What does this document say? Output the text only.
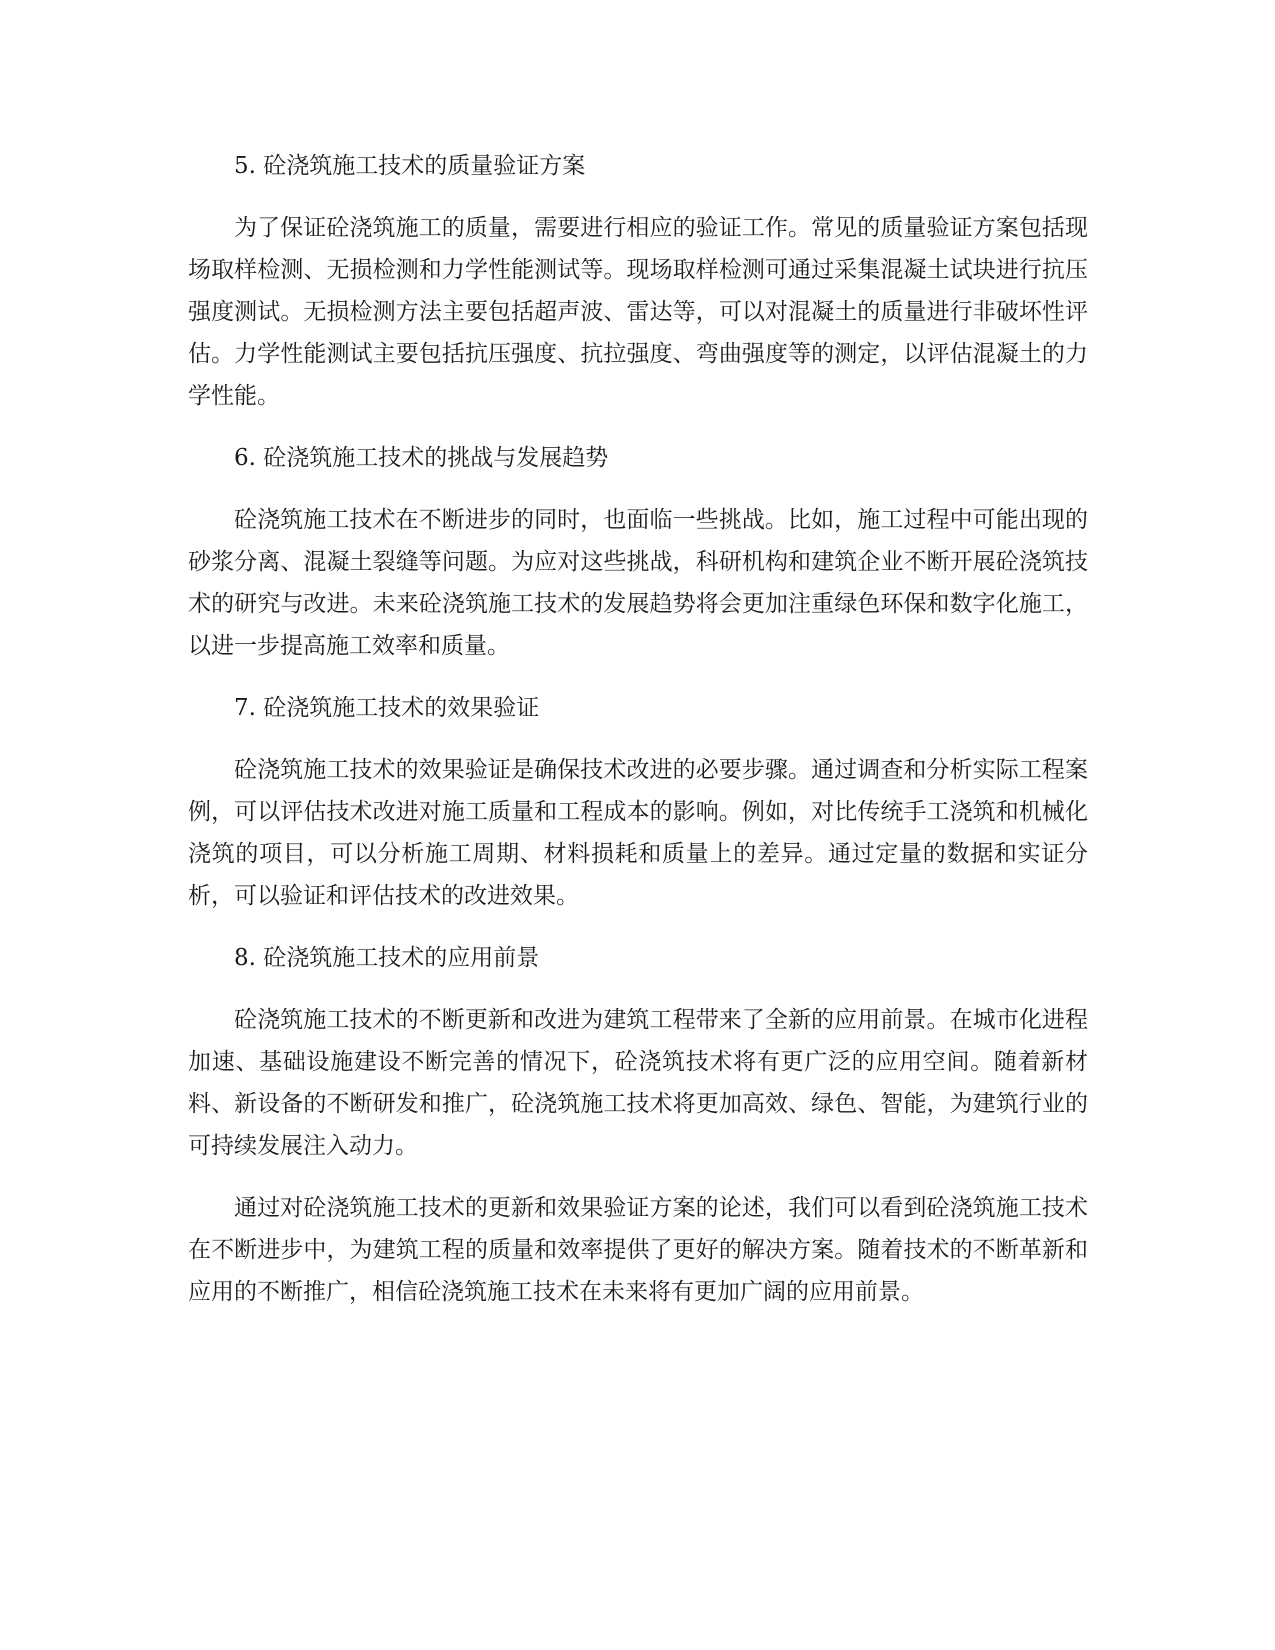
5. 砼浇筑施工技术的质量验证方案

为了保证砼浇筑施工的质量，需要进行相应的验证工作。常见的质量验证方案包括现场取样检测、无损检测和力学性能测试等。现场取样检测可通过采集混凝土试块进行抗压强度测试。无损检测方法主要包括超声波、雷达等，可以对混凝土的质量进行非破坏性评估。力学性能测试主要包括抗压强度、抗拉强度、弯曲强度等的测定，以评估混凝土的力学性能。

6. 砼浇筑施工技术的挑战与发展趋势

砼浇筑施工技术在不断进步的同时，也面临一些挑战。比如，施工过程中可能出现的砂浆分离、混凝土裂缝等问题。为应对这些挑战，科研机构和建筑企业不断开展砼浇筑技术的研究与改进。未来砼浇筑施工技术的发展趋势将会更加注重绿色环保和数字化施工，以进一步提高施工效率和质量。

7. 砼浇筑施工技术的效果验证

砼浇筑施工技术的效果验证是确保技术改进的必要步骤。通过调查和分析实际工程案例，可以评估技术改进对施工质量和工程成本的影响。例如，对比传统手工浇筑和机械化浇筑的项目，可以分析施工周期、材料损耗和质量上的差异。通过定量的数据和实证分析，可以验证和评估技术的改进效果。

8. 砼浇筑施工技术的应用前景

砼浇筑施工技术的不断更新和改进为建筑工程带来了全新的应用前景。在城市化进程加速、基础设施建设不断完善的情况下，砼浇筑技术将有更广泛的应用空间。随着新材料、新设备的不断研发和推广，砼浇筑施工技术将更加高效、绿色、智能，为建筑行业的可持续发展注入动力。

通过对砼浇筑施工技术的更新和效果验证方案的论述，我们可以看到砼浇筑施工技术在不断进步中，为建筑工程的质量和效率提供了更好的解决方案。随着技术的不断革新和应用的不断推广，相信砼浇筑施工技术在未来将有更加广阔的应用前景。
